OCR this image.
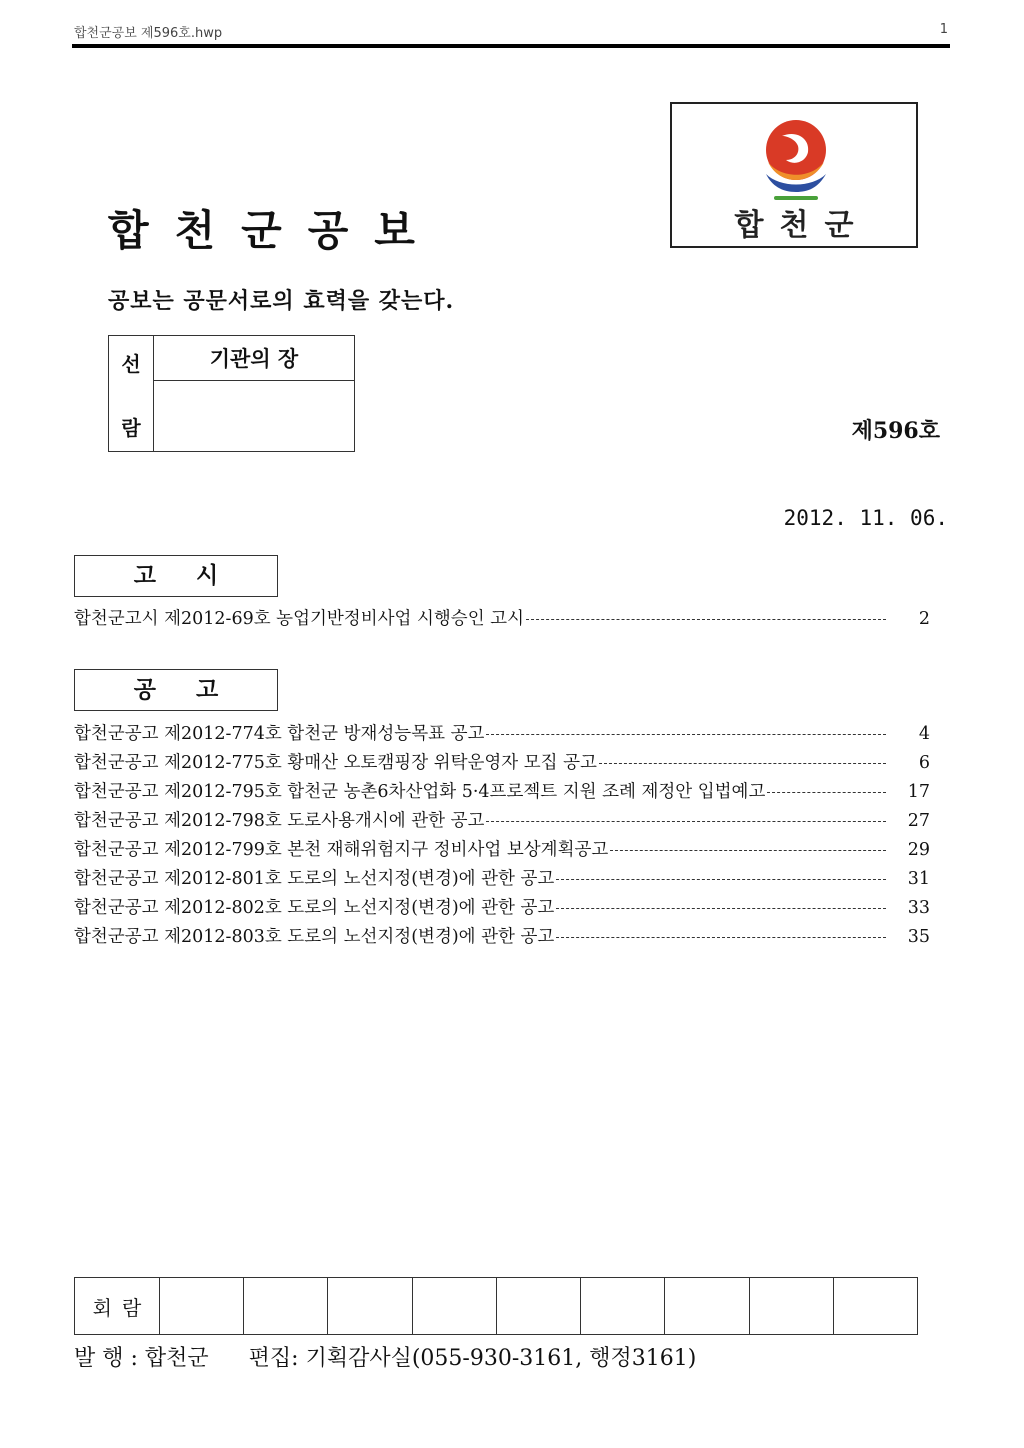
합천군공보 제596호.hwp	1
합천군공보	합천군
공보는 공문서로의 효력을 갖는다.
선
람
	기관의 장

제596호
2012. 11. 06.
고시
합천군고시 제2012-69호 농업기반정비사업 시행승인 고시	2
공고
합천군공고 제2012-774호 합천군 방재성능목표 공고	4
합천군공고 제2012-775호 황매산 오토캠핑장 위탁운영자 모집 공고	6
합천군공고 제2012-795호 합천군 농촌6차산업화 5·4프로젝트 지원 조례 제정안 입법예고	17
합천군공고 제2012-798호 도로사용개시에 관한 공고	27
합천군공고 제2012-799호 본천 재해위험지구 정비사업 보상계획공고	29
합천군공고 제2012-801호 도로의 노선지정(변경)에 관한 공고	31
합천군공고 제2012-802호 도로의 노선지정(변경)에 관한 공고	33
합천군공고 제2012-803호 도로의 노선지정(변경)에 관한 공고	35
회람									
발 행 : 합천군 편집: 기획감사실(055-930-3161, 행정3161)
